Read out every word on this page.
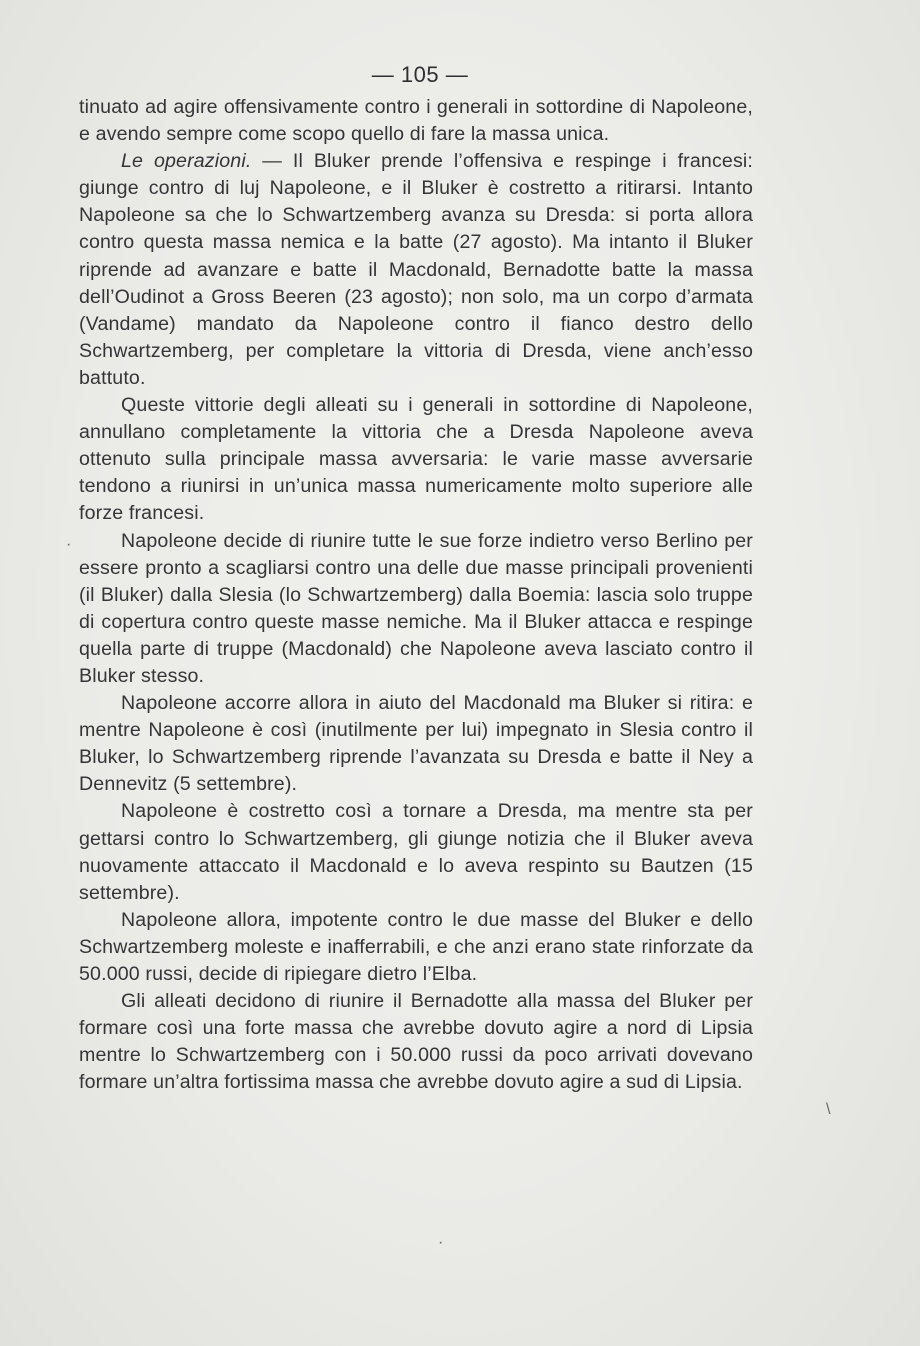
— 105 —

tinuato ad agire offensivamente contro i generali in sottordine di Napoleone, e avendo sempre come scopo quello di fare la massa unica.

Le operazioni. — Il Bluker prende l’offensiva e respinge i francesi: giunge contro di luj Napoleone, e il Bluker è costretto a ritirarsi. Intanto Napoleone sa che lo Schwartzemberg avanza su Dresda: si porta allora contro questa massa nemica e la batte (27 agosto). Ma intanto il Bluker riprende ad avanzare e batte il Macdonald, Bernadotte batte la massa dell’Oudinot a Gross Beeren (23 agosto); non solo, ma un corpo d’armata (Vandame) mandato da Napoleone contro il fianco destro dello Schwartzemberg, per completare la vittoria di Dresda, viene anch’esso battuto.

Queste vittorie degli alleati su i generali in sottordine di Napoleone, annullano completamente la vittoria che a Dresda Napoleone aveva ottenuto sulla principale massa avversaria: le varie masse avversarie tendono a riunirsi in un’unica massa numericamente molto superiore alle forze francesi.

Napoleone decide di riunire tutte le sue forze indietro verso Berlino per essere pronto a scagliarsi contro una delle due masse principali provenienti (il Bluker) dalla Slesia (lo Schwartzemberg) dalla Boemia: lascia solo truppe di copertura contro queste masse nemiche. Ma il Bluker attacca e respinge quella parte di truppe (Macdonald) che Napoleone aveva lasciato contro il Bluker stesso.

Napoleone accorre allora in aiuto del Macdonald ma Bluker si ritira: e mentre Napoleone è così (inutilmente per lui) impegnato in Slesia contro il Bluker, lo Schwartzemberg riprende l’avanzata su Dresda e batte il Ney a Dennevitz (5 settembre).

Napoleone è costretto così a tornare a Dresda, ma mentre sta per gettarsi contro lo Schwartzemberg, gli giunge notizia che il Bluker aveva nuovamente attaccato il Macdonald e lo aveva respinto su Bautzen (15 settembre).

Napoleone allora, impotente contro le due masse del Bluker e dello Schwartzemberg moleste e inafferrabili, e che anzi erano state rinforzate da 50.000 russi, decide di ripiegare dietro l’Elba.

Gli alleati decidono di riunire il Bernadotte alla massa del Bluker per formare così una forte massa che avrebbe dovuto agire a nord di Lipsia mentre lo Schwartzemberg con i 50.000 russi da poco arrivati dovevano formare un’altra fortissima massa che avrebbe dovuto agire a sud di Lipsia.

·
\
·
